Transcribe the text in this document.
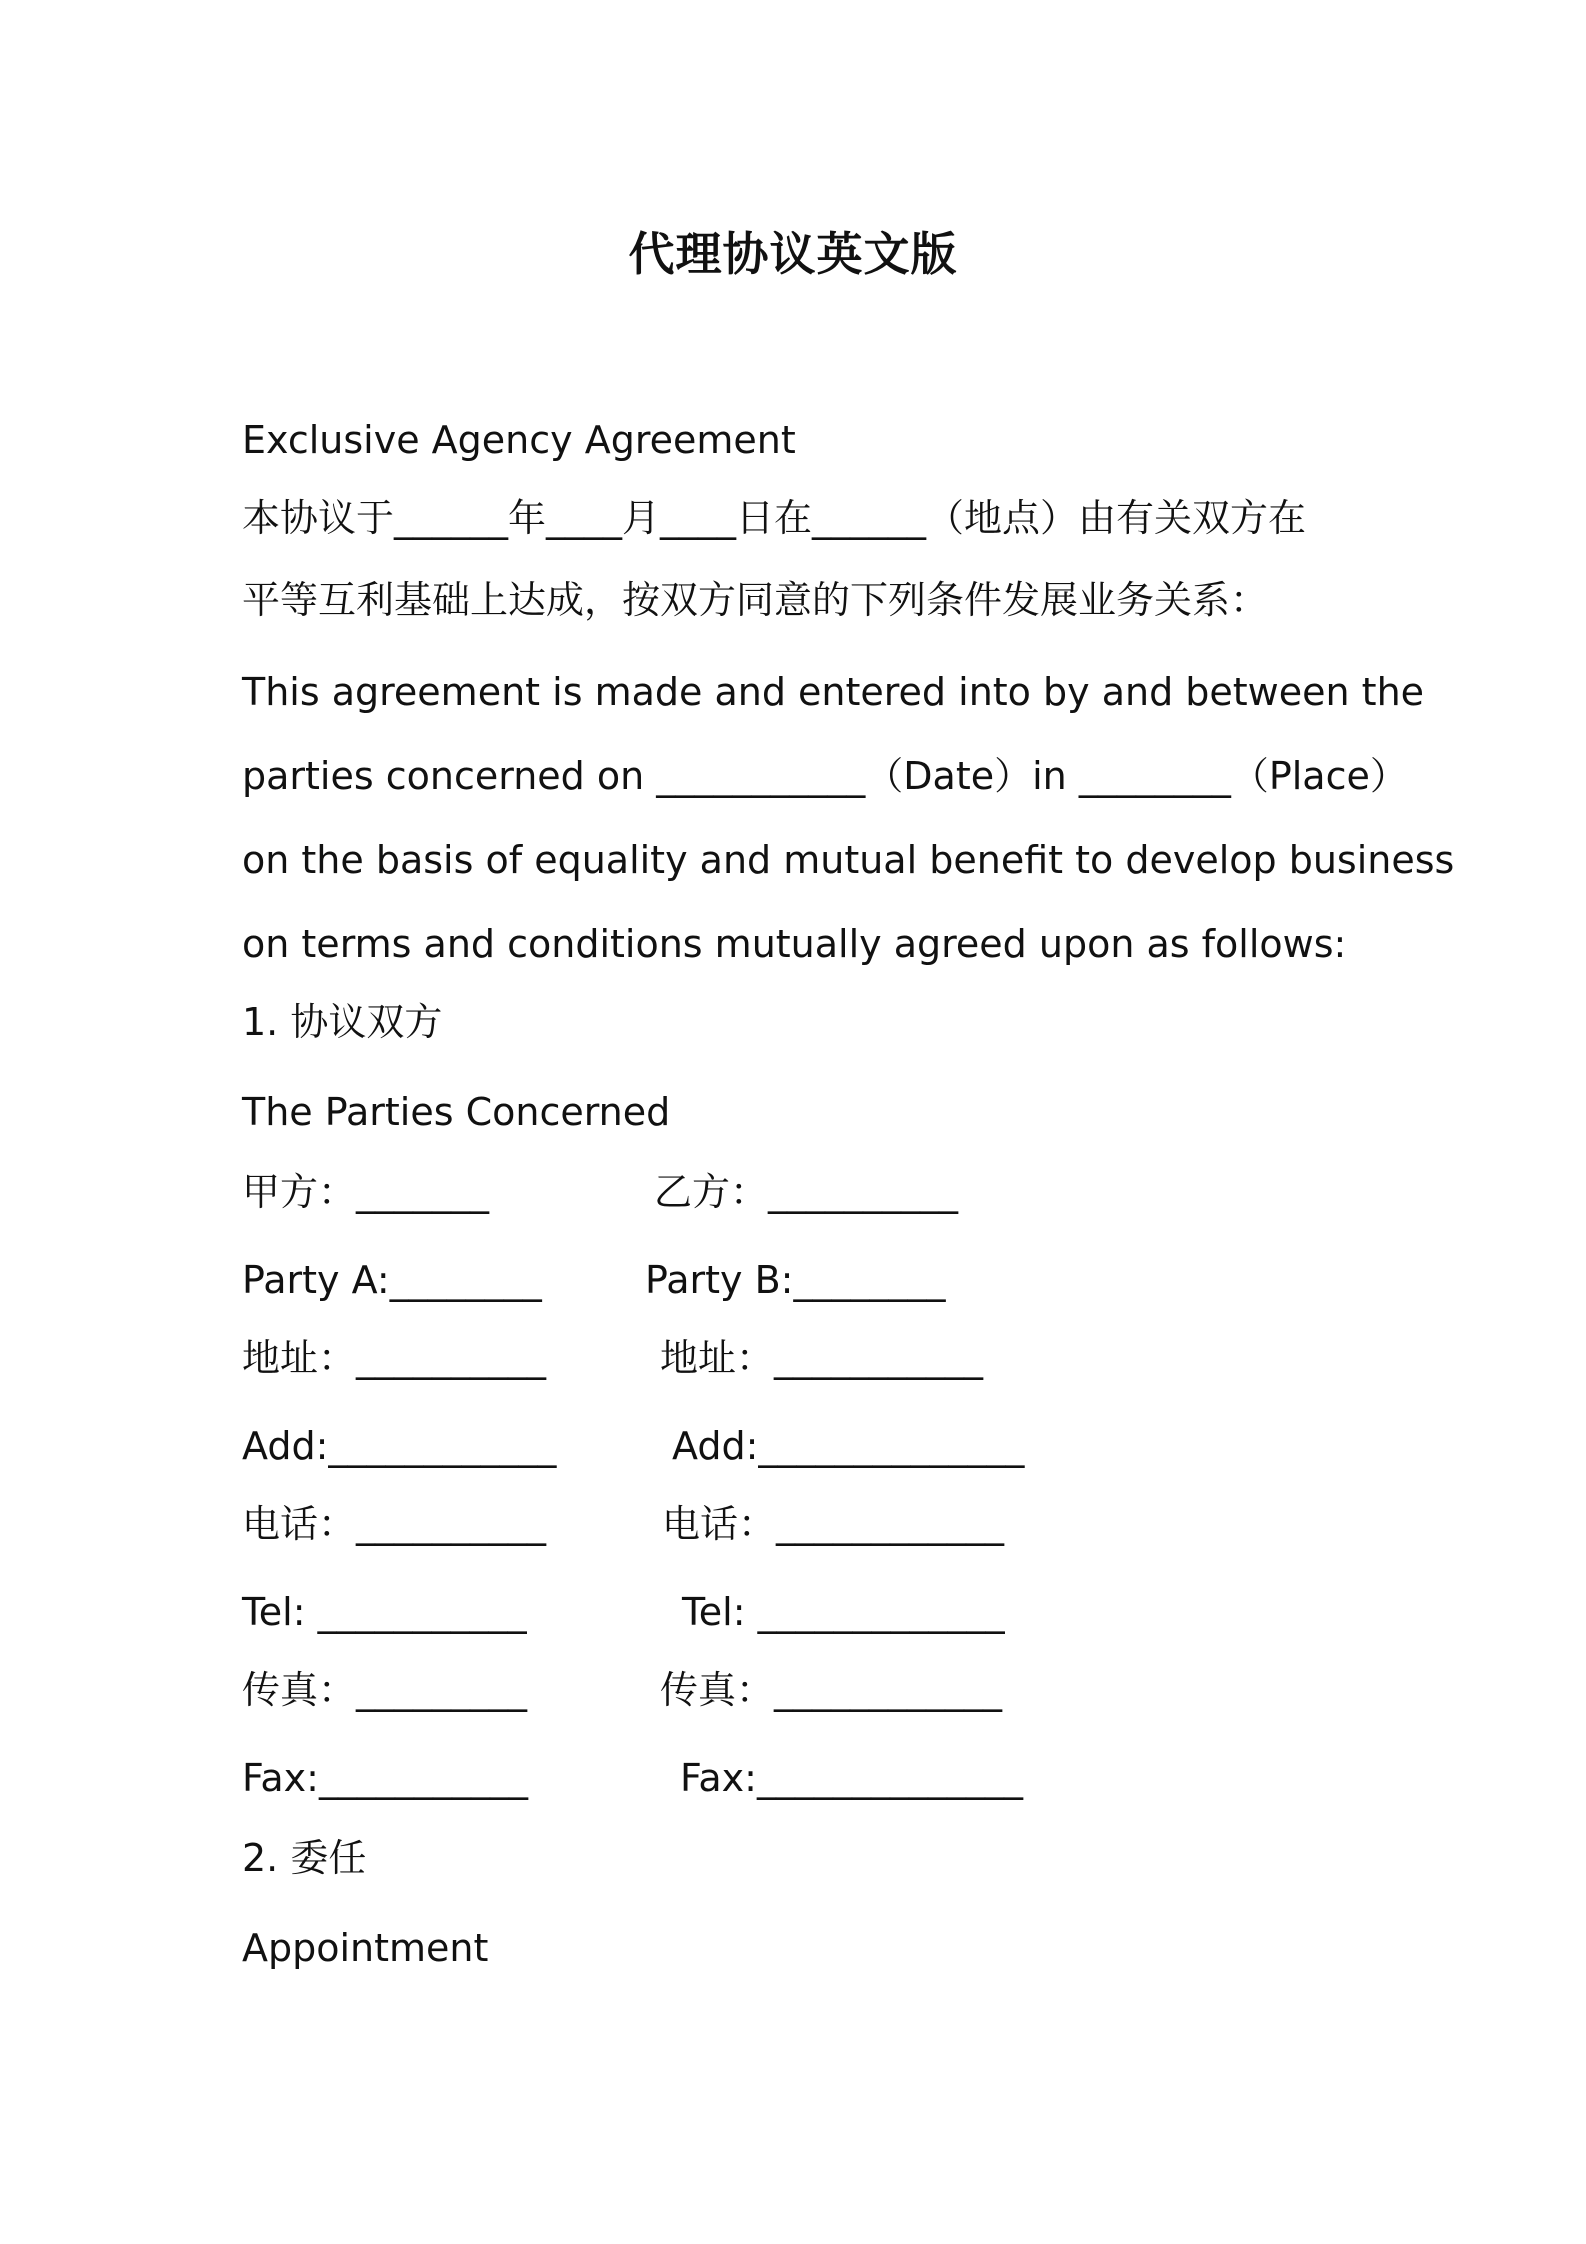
代理协议英文版
Exclusive Agency Agreement
本协议于______年____月____日在______（地点）由有关双方在
平等互利基础上达成，按双方同意的下列条件发展业务关系：
This agreement is made and entered into by and between the
parties concerned on ___________（Date）in ________（Place）
on the basis of equality and mutual benefit to develop business
on terms and conditions mutually agreed upon as follows:
1. 协议双方
The Parties Concerned
甲方：_______	乙方：__________
Party A:________	Party B:________
地址：__________	地址：___________
Add:____________	Add:______________
电话：__________	电话：____________
Tel: ___________	Tel: _____________
传真：_________	传真：____________
Fax:___________	Fax:______________
2. 委任
Appointment
